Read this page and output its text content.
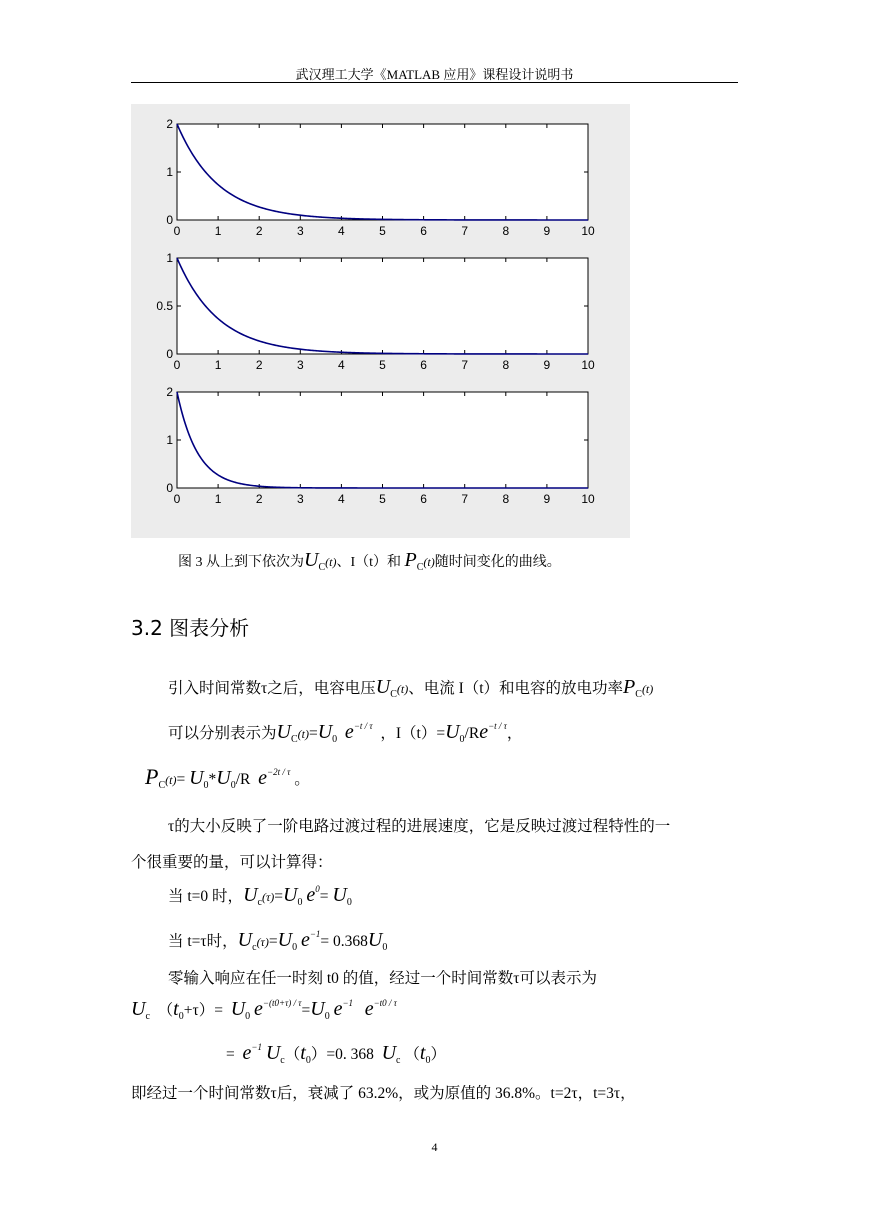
武汉理工大学《MATLAB 应用》课程设计说明书
0	1	2	3	4	5	6	7	8	9	10
0
1
2
0	1	2	3	4	5	6	7	8	9	10
0
0.5
1
0	1	2	3	4	5	6	7	8	9	10
0
1
2
图 3 从上到下依次为$U_C(t)$、I（t）和 $P_C(t)$随时间变化的曲线。
3.2 图表分析
引入时间常数τ之后，电容电压$U_C(t)$、电流 I（t）和电容的放电功率$P_C(t)$
可以分别表示为$U_C(t)=U_0$ $e^{-t / \tau}$ ，$I(t)=U_0/Re^{-t / \tau}$，
$P_C(t)= U_0*U_0/R$  $e^{-2t / \tau}$ 。
τ的大小反映了一阶电路过渡过程的进展速度，它是反映过渡过程特性的一
个很重要的量，可以计算得：
当 t=0 时，$U_c(\tau)=U_0$ $e^0= U_0$
当 t=τ时，$U_c(\tau)=U_0$ $e^{-1}= 0.368U_0$
零输入响应在任一时刻 t0 的值，经过一个时间常数τ可以表示为
$U_c$  $(t_0+\tau)= U_0$ $e^{-(t0+\tau) / \tau}=U_0$ $e^{-1}$ $e^{-t0 / \tau}$
=  $e^{-1}$ $U_c(t_0)=0$. 368 $U_c$ $(t_0)$
即经过一个时间常数τ后，衰减了 63.2%，或为原值的 36.8%。t=2τ，t=3τ，
4
